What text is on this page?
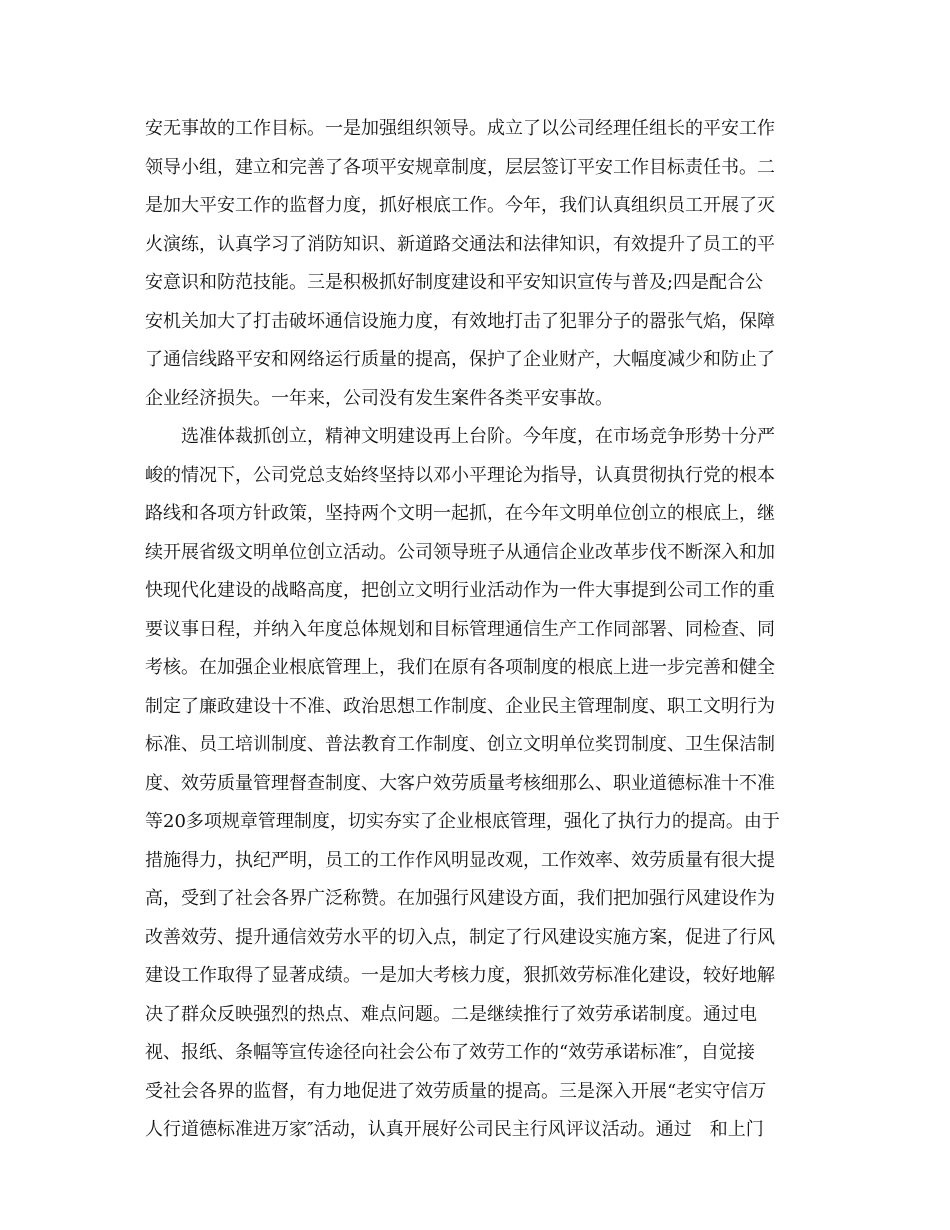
安无事故的工作目标。一是加强组织领导。成立了以公司经理任组长的平安工作
领导小组，建立和完善了各项平安规章制度，层层签订平安工作目标责任书。二
是加大平安工作的监督力度，抓好根底工作。今年，我们认真组织员工开展了灭
火演练，认真学习了消防知识、新道路交通法和法律知识，有效提升了员工的平
安意识和防范技能。三是积极抓好制度建设和平安知识宣传与普及;四是配合公
安机关加大了打击破坏通信设施力度，有效地打击了犯罪分子的嚣张气焰，保障
了通信线路平安和网络运行质量的提高，保护了企业财产，大幅度减少和防止了
企业经济损失。一年来，公司没有发生案件各类平安事故。
选准体裁抓创立，精神文明建设再上台阶。今年度，在市场竞争形势十分严
峻的情况下，公司党总支始终坚持以邓小平理论为指导，认真贯彻执行党的根本
路线和各项方针政策，坚持两个文明一起抓，在今年文明单位创立的根底上，继
续开展省级文明单位创立活动。公司领导班子从通信企业改革步伐不断深入和加
快现代化建设的战略高度，把创立文明行业活动作为一件大事提到公司工作的重
要议事日程，并纳入年度总体规划和目标管理通信生产工作同部署、同检查、同
考核。在加强企业根底管理上，我们在原有各项制度的根底上进一步完善和健全
制定了廉政建设十不准、政治思想工作制度、企业民主管理制度、职工文明行为
标准、员工培训制度、普法教育工作制度、创立文明单位奖罚制度、卫生保洁制
度、效劳质量管理督查制度、大客户效劳质量考核细那么、职业道德标准十不准
等20多项规章管理制度，切实夯实了企业根底管理，强化了执行力的提高。由于
措施得力，执纪严明，员工的工作作风明显改观，工作效率、效劳质量有很大提
高，受到了社会各界广泛称赞。在加强行风建设方面，我们把加强行风建设作为
改善效劳、提升通信效劳水平的切入点，制定了行风建设实施方案，促进了行风
建设工作取得了显著成绩。一是加大考核力度，狠抓效劳标准化建设，较好地解
决了群众反映强烈的热点、难点问题。二是继续推行了效劳承诺制度。通过电
视、报纸、条幅等宣传途径向社会公布了效劳工作的“效劳承诺标准″，自觉接
受社会各界的监督，有力地促进了效劳质量的提高。三是深入开展“老实守信万
人行道德标准进万家″活动，认真开展好公司民主行风评议活动。通过　和上门
